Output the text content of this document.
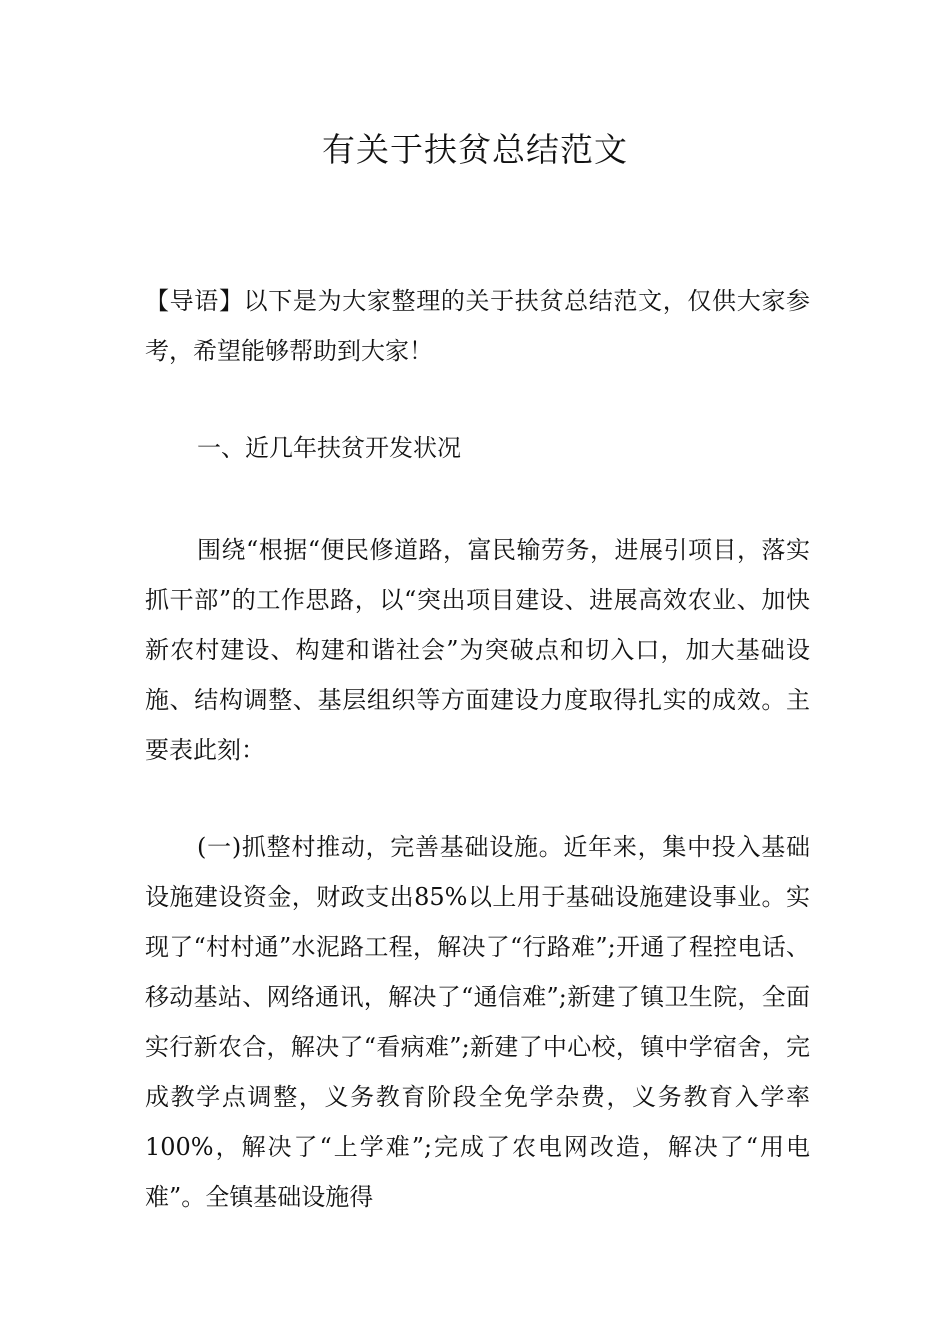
有关于扶贫总结范文

【导语】以下是为大家整理的关于扶贫总结范文，仅供大家参考，希望能够帮助到大家！

一、近几年扶贫开发状况

围绕“根据“便民修道路，富民输劳务，进展引项目，落实抓干部”的工作思路，以“突出项目建设、进展高效农业、加快新农村建设、构建和谐社会”为突破点和切入口，加大基础设施、结构调整、基层组织等方面建设力度取得扎实的成效。主要表此刻：

(一)抓整村推动，完善基础设施。近年来，集中投入基础设施建设资金，财政支出85%以上用于基础设施建设事业。实现了“村村通”水泥路工程，解决了“行路难”;开通了程控电话、移动基站、网络通讯，解决了“通信难”;新建了镇卫生院，全面实行新农合，解决了“看病难”;新建了中心校，镇中学宿舍，完成教学点调整，义务教育阶段全免学杂费，义务教育入学率100%，解决了“上学难”;完成了农电网改造，解决了“用电难”。全镇基础设施得
